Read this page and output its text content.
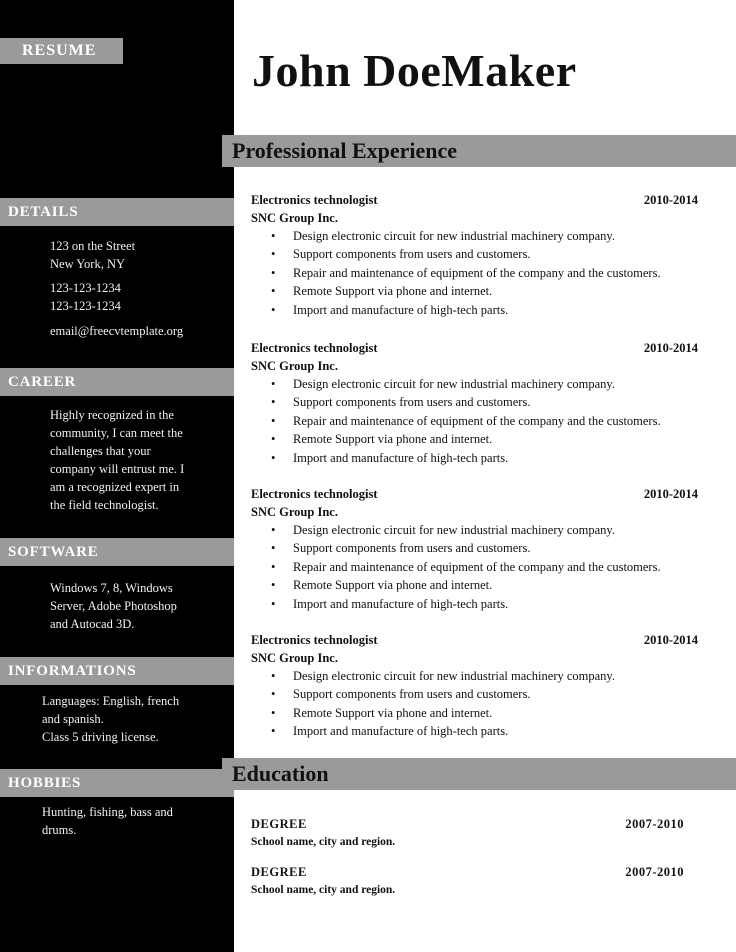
RESUME
DETAILS
123 on the Street
New York, NY
123-123-1234
123-123-1234
email@freecvtemplate.org
CAREER
Highly recognized in the
community, I can meet the
challenges that your
company will entrust me. I
am a recognized expert in
the field technologist.
SOFTWARE
Windows 7, 8, Windows
Server, Adobe Photoshop
and Autocad 3D.
INFORMATIONS
Languages: English, french
and spanish.
Class 5 driving license.
HOBBIES
Hunting, fishing, bass and
drums.
John DoeMaker
Professional Experience
Electronics technologist	2010-2014
SNC Group Inc.
• Design electronic circuit for new industrial machinery company.
• Support components from users and customers.
• Repair and maintenance of equipment of the company and the customers.
• Remote Support via phone and internet.
• Import and manufacture of high-tech parts.
Electronics technologist	2010-2014
SNC Group Inc.
• Design electronic circuit for new industrial machinery company.
• Support components from users and customers.
• Repair and maintenance of equipment of the company and the customers.
• Remote Support via phone and internet.
• Import and manufacture of high-tech parts.
Electronics technologist	2010-2014
SNC Group Inc.
• Design electronic circuit for new industrial machinery company.
• Support components from users and customers.
• Repair and maintenance of equipment of the company and the customers.
• Remote Support via phone and internet.
• Import and manufacture of high-tech parts.
Electronics technologist	2010-2014
SNC Group Inc.
• Design electronic circuit for new industrial machinery company.
• Support components from users and customers.
• Remote Support via phone and internet.
• Import and manufacture of high-tech parts.
Education
DEGREE	2007-2010
School name, city and region.
DEGREE	2007-2010
School name, city and region.
